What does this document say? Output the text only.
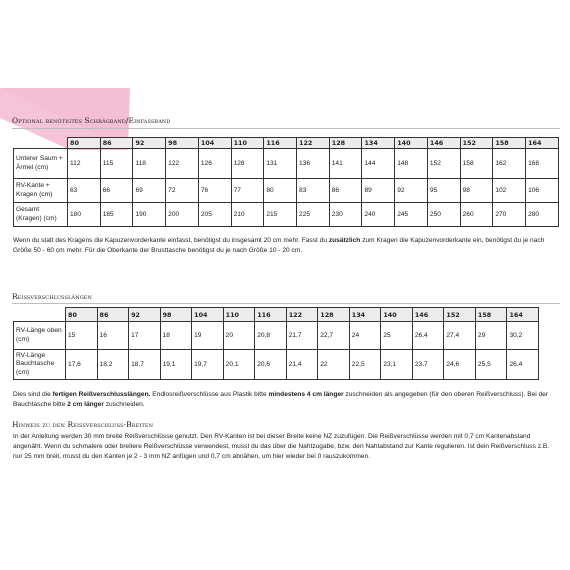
Optional benötigtes Schrägband/Einfassband
	80	86	92	98	104	110	116	122	128	134	140	146	152	158	164
Unterer Saum + Ärmel (cm)	112	115	118	122	126	128	131	136	141	144	148	152	158	162	168
RV-Kante + Kragen (cm)	63	66	69	72	76	77	80	83	86	89	92	95	98	102	106
Gesamt (Kragen) (cm)	180	185	190	200	205	210	215	225	230	240	245	250	260	270	280
Wenn du statt des Kragens die Kapuzenvorderkante einfasst, benötigst du insgesamt 20 cm mehr. Fasst du zusätzlich zum Kragen die Kapuzenvorderkante ein, benötigst du je nach Größe 50 - 60 cm mehr. Für die Oberkante der Brusttasche benötigst du je nach Größe 10 - 20 cm.
Reißverschlusslängen
	80	86	92	98	104	110	116	122	128	134	140	146	152	158	164
RV-Länge oben (cm)	15	16	17	18	19	20	20,8	21,7	22,7	24	25	26,4	27,4	29	30,2
RV-Länge Bauchtasche (cm)	17,6	18,2	18,7	19,1	19,7	20,1	20,6	21,4	22	22,5	23,1	23,7	24,6	25,5	26,4
Dies sind die fertigen Reißverschlusslängen. Endlosreißverschlüsse aus Plastik bitte mindestens 4 cm länger zuschneiden als angegeben (für den oberen Reißverschluss). Bei der Bauchtasche bitte 2 cm länger zuschneiden.
Hinweis zu den Reißverschluss-Breiten
In der Anleitung werden 30 mm breite Reißverschlüsse genutzt. Den RV-Kanten ist bei dieser Breite keine NZ zuzufügen. Die Reißverschlüsse werden mit 0,7 cm Kantenabstand angenäht. Wenn du schmalere oder breitere Reißverschlüsse verwendest, musst du das über die Nahtzugabe, bzw. den Nahtabstand zur Kante regulieren. Ist dein Reißverschluss z.B. nur 25 mm breit, musst du den Kanten je 2 - 3 mm NZ anfügen und 0,7 cm abnähen, um hier wieder bei 0 rauszukommen.
